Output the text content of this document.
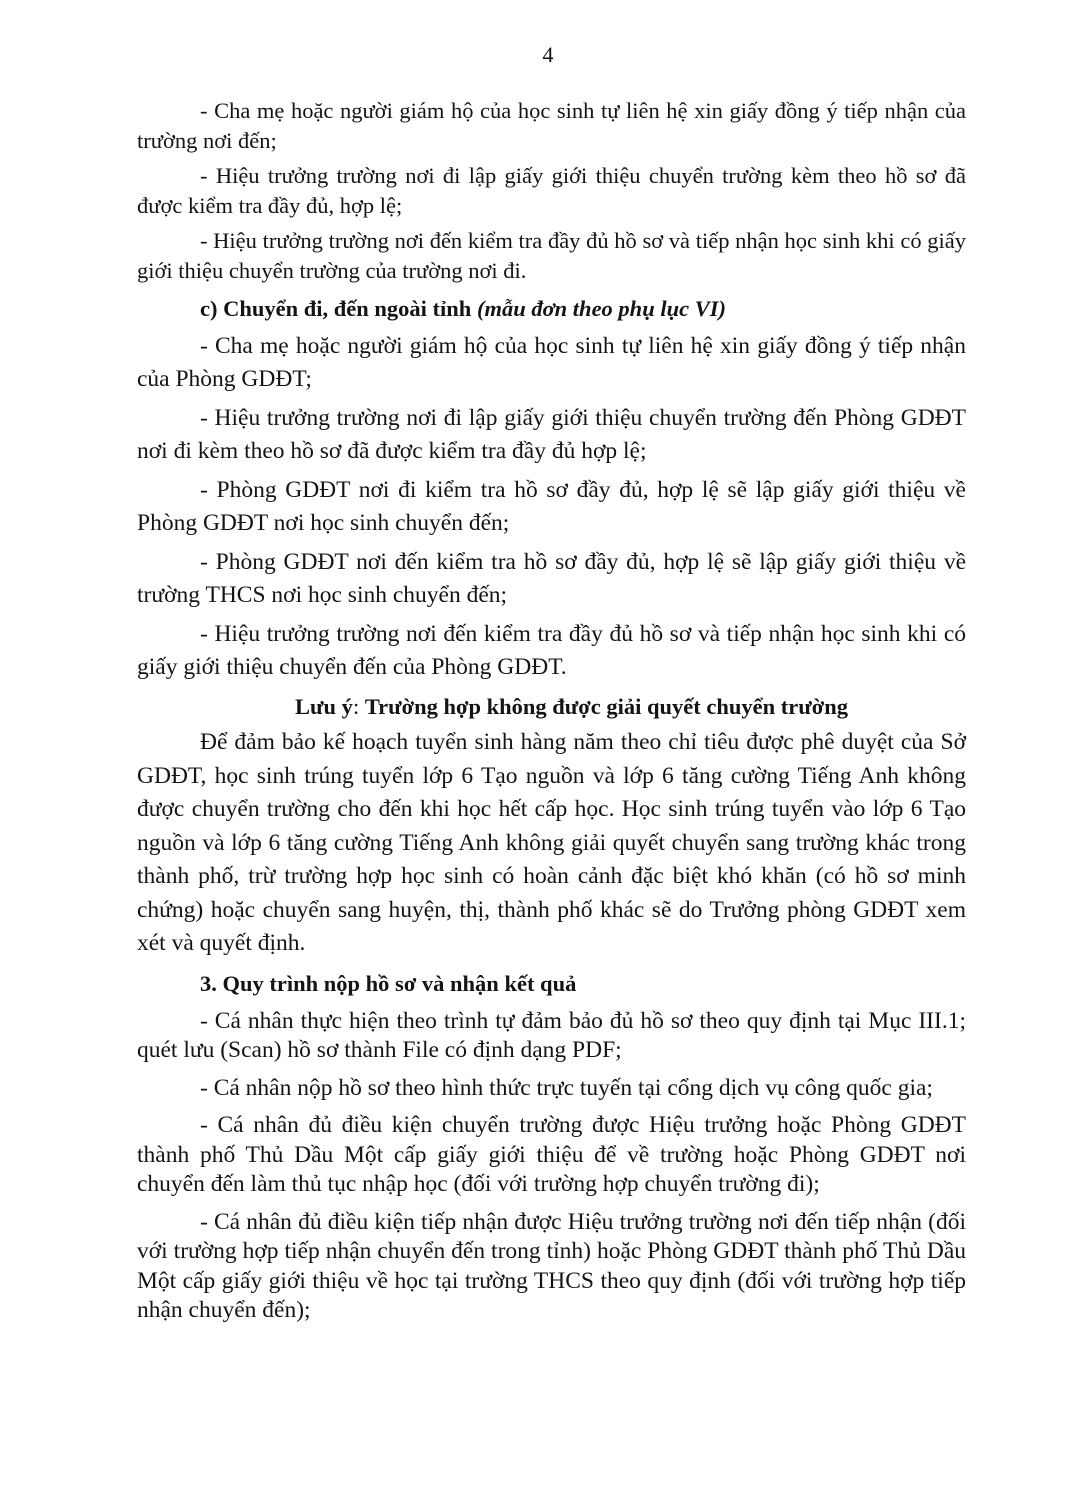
4

- Cha mẹ hoặc người giám hộ của học sinh tự liên hệ xin giấy đồng ý tiếp nhận của trường nơi đến;

- Hiệu trưởng trường nơi đi lập giấy giới thiệu chuyển trường kèm theo hồ sơ đã được kiểm tra đầy đủ, hợp lệ;

- Hiệu trưởng trường nơi đến kiểm tra đầy đủ hồ sơ và tiếp nhận học sinh khi có giấy giới thiệu chuyển trường của trường nơi đi.

c) Chuyển đi, đến ngoài tỉnh (mẫu đơn theo phụ lục VI)

- Cha mẹ hoặc người giám hộ của học sinh tự liên hệ xin giấy đồng ý tiếp nhận của Phòng GDĐT;

- Hiệu trưởng trường nơi đi lập giấy giới thiệu chuyển trường đến Phòng GDĐT nơi đi kèm theo hồ sơ đã được kiểm tra đầy đủ hợp lệ;

- Phòng GDĐT nơi đi kiểm tra hồ sơ đầy đủ, hợp lệ sẽ lập giấy giới thiệu về Phòng GDĐT nơi học sinh chuyển đến;

- Phòng GDĐT nơi đến kiểm tra hồ sơ đầy đủ, hợp lệ sẽ lập giấy giới thiệu về trường THCS nơi học sinh chuyển đến;

- Hiệu trưởng trường nơi đến kiểm tra đầy đủ hồ sơ và tiếp nhận học sinh khi có giấy giới thiệu chuyển đến của Phòng GDĐT.

Lưu ý: Trường hợp không được giải quyết chuyển trường

Để đảm bảo kế hoạch tuyển sinh hàng năm theo chỉ tiêu được phê duyệt của Sở GDĐT, học sinh trúng tuyển lớp 6 Tạo nguồn và lớp 6 tăng cường Tiếng Anh không được chuyển trường cho đến khi học hết cấp học. Học sinh trúng tuyển vào lớp 6 Tạo nguồn và lớp 6 tăng cường Tiếng Anh không giải quyết chuyển sang trường khác trong thành phố, trừ trường hợp học sinh có hoàn cảnh đặc biệt khó khăn (có hồ sơ minh chứng) hoặc chuyển sang huyện, thị, thành phố khác sẽ do Trưởng phòng GDĐT xem xét và quyết định.

3. Quy trình nộp hồ sơ và nhận kết quả

- Cá nhân thực hiện theo trình tự đảm bảo đủ hồ sơ theo quy định tại Mục III.1; quét lưu (Scan) hồ sơ thành File có định dạng PDF;

- Cá nhân nộp hồ sơ theo hình thức trực tuyến tại cổng dịch vụ công quốc gia;

- Cá nhân đủ điều kiện chuyển trường được Hiệu trưởng hoặc Phòng GDĐT thành phố Thủ Dầu Một cấp giấy giới thiệu để về trường hoặc Phòng GDĐT nơi chuyển đến làm thủ tục nhập học (đối với trường hợp chuyển trường đi);

- Cá nhân đủ điều kiện tiếp nhận được Hiệu trưởng trường nơi đến tiếp nhận (đối với trường hợp tiếp nhận chuyển đến trong tỉnh) hoặc Phòng GDĐT thành phố Thủ Dầu Một cấp giấy giới thiệu về học tại trường THCS theo quy định (đối với trường hợp tiếp nhận chuyển đến);
